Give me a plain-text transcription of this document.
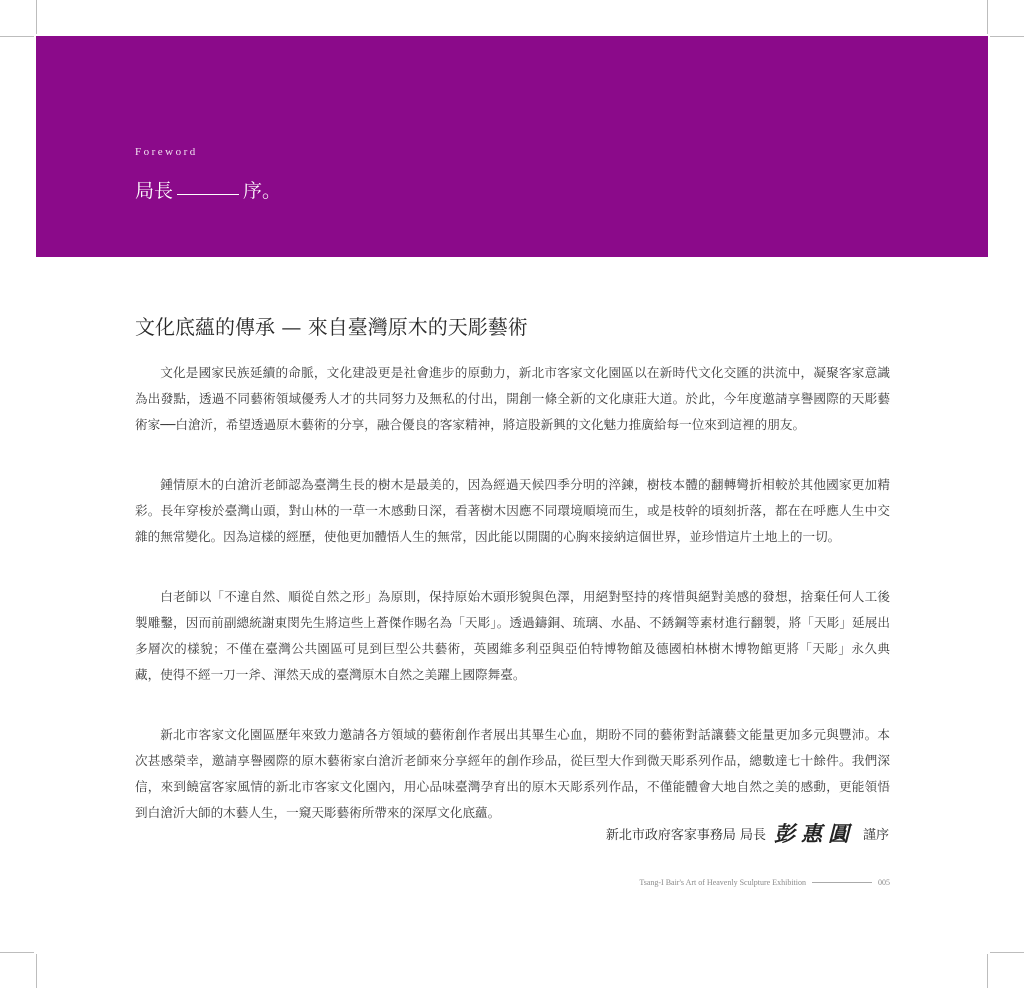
Foreword
局長	序。
文化底蘊的傳承 — 來自臺灣原木的天彫藝術

文化是國家民族延續的命脈，文化建設更是社會進步的原動力，新北市客家文化園區以在新時代文化交匯的洪流中，凝聚客家意識為出發點，透過不同藝術領域優秀人才的共同努力及無私的付出，開創一條全新的文化康莊大道。於此，今年度邀請享譽國際的天彫藝術家──白滄沂，希望透過原木藝術的分享，融合優良的客家精神，將這股新興的文化魅力推廣給每一位來到這裡的朋友。

鍾情原木的白滄沂老師認為臺灣生長的樹木是最美的，因為經過天候四季分明的淬鍊，樹枝本體的翻轉彎折相較於其他國家更加精彩。長年穿梭於臺灣山頭，對山林的一草一木感動日深，看著樹木因應不同環境順境而生，或是枝幹的頃刻折落，都在在呼應人生中交雜的無常變化。因為這樣的經歷，使他更加體悟人生的無常，因此能以開闊的心胸來接納這個世界，並珍惜這片土地上的一切。

白老師以「不違自然、順從自然之形」為原則，保持原始木頭形貌與色澤，用絕對堅持的疼惜與絕對美感的發想，捨棄任何人工後製雕鑿，因而前副總統謝東閔先生將這些上蒼傑作賜名為「天彫」。透過鑄銅、琉璃、水晶、不銹鋼等素材進行翻製，將「天彫」延展出多層次的樣貌；不僅在臺灣公共園區可見到巨型公共藝術，英國維多利亞與亞伯特博物館及德國柏林樹木博物館更將「天彫」永久典藏，使得不經一刀一斧、渾然天成的臺灣原木自然之美躍上國際舞臺。

新北市客家文化園區歷年來致力邀請各方領域的藝術創作者展出其畢生心血，期盼不同的藝術對話讓藝文能量更加多元與豐沛。本次甚感榮幸，邀請享譽國際的原木藝術家白滄沂老師來分享經年的創作珍品，從巨型大作到微天彫系列作品，總數達七十餘件。我們深信，來到饒富客家風情的新北市客家文化園內，用心品味臺灣孕育出的原木天彫系列作品，不僅能體會大地自然之美的感動，更能領悟到白滄沂大師的木藝人生，一窺天彫藝術所帶來的深厚文化底蘊。

新北市政府客家事務局 局長 彭惠圓 謹序
Tsang-I Bair's Art of Heavenly Sculpture Exhibition	005
